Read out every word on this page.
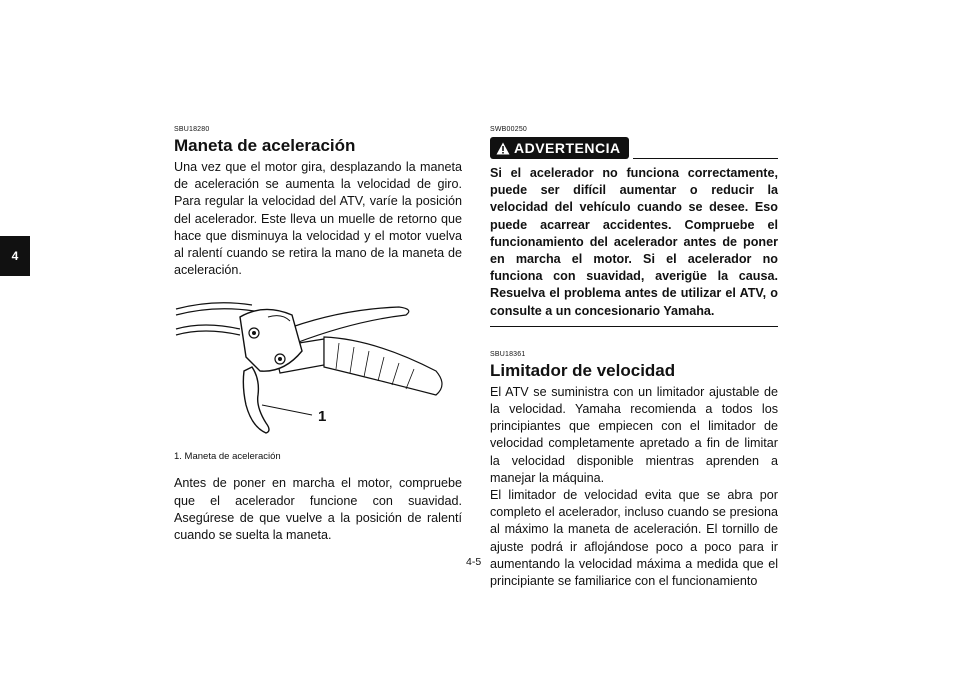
4
SBU18280
Maneta de aceleración

Una vez que el motor gira, desplazando la maneta de aceleración se aumenta la velocidad de giro. Para regular la velocidad del ATV, varíe la posición del acelerador. Este lleva un muelle de retorno que hace que disminuya la velocidad y el motor vuelva al ralentí cuando se retira la mano de la maneta de aceleración.

1
1. Maneta de aceleración

Antes de poner en marcha el motor, compruebe que el acelerador funcione con suavidad. Asegúrese de que vuelve a la posición de ralentí cuando se suelta la maneta.

SWB00250
ADVERTENCIA

Si el acelerador no funciona correctamente, puede ser difícil aumentar o reducir la velocidad del vehículo cuando se desee. Eso puede acarrear accidentes. Compruebe el funcionamiento del acelerador antes de poner en marcha el motor. Si el acelerador no funciona con suavidad, averigüe la causa. Resuelva el problema antes de utilizar el ATV, o consulte a un concesionario Yamaha.

SBU18361
Limitador de velocidad

El ATV se suministra con un limitador ajustable de la velocidad. Yamaha recomienda a todos los principiantes que empiecen con el limitador de velocidad completamente apretado a fin de limitar la velocidad disponible mientras aprenden a manejar la máquina.

El limitador de velocidad evita que se abra por completo el acelerador, incluso cuando se presiona al máximo la maneta de aceleración. El tornillo de ajuste podrá ir aflojándose poco a poco para ir aumentando la velocidad máxima a medida que el principiante se familiarice con el funcionamiento

4-5
